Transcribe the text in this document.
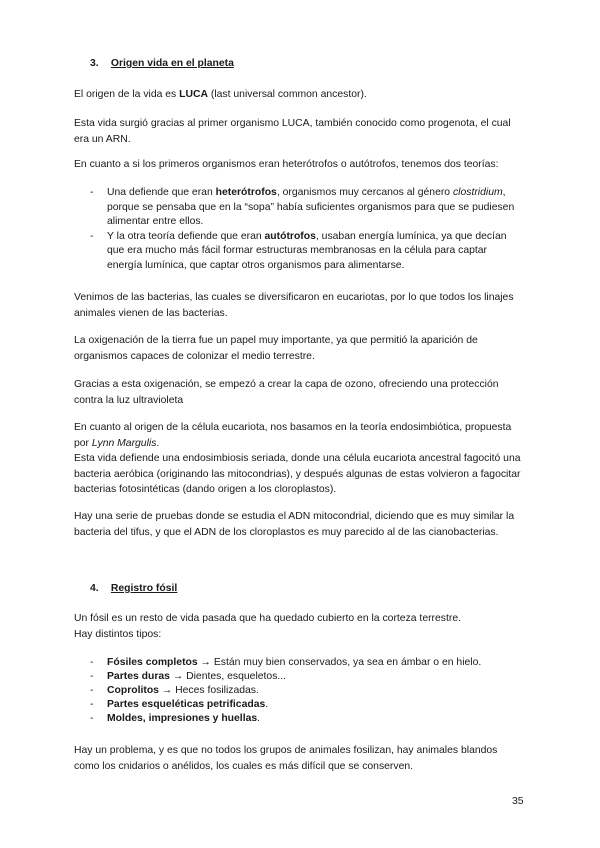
3. Origen vida en el planeta

El origen de la vida es LUCA (last universal common ancestor).

Esta vida surgió gracias al primer organismo LUCA, también conocido como progenota, el cual era un ARN.

En cuanto a si los primeros organismos eran heterótrofos o autótrofos, tenemos dos teorías:

- Una defiende que eran heterótrofos, organismos muy cercanos al género clostridium, porque se pensaba que en la “sopa” había suficientes organismos para que se pudiesen alimentar entre ellos.
- Y la otra teoría defiende que eran autótrofos, usaban energía lumínica, ya que decían que era mucho más fácil formar estructuras membranosas en la célula para captar energía lumínica, que captar otros organismos para alimentarse.

Venimos de las bacterias, las cuales se diversificaron en eucariotas, por lo que todos los linajes animales vienen de las bacterias.

La oxigenación de la tierra fue un papel muy importante, ya que permitió la aparición de organismos capaces de colonizar el medio terrestre.

Gracias a esta oxigenación, se empezó a crear la capa de ozono, ofreciendo una protección contra la luz ultravioleta

En cuanto al origen de la célula eucariota, nos basamos en la teoría endosimbiótica, propuesta por Lynn Margulis.
Esta vida defiende una endosimbiosis seriada, donde una célula eucariota ancestral fagocitó una bacteria aeróbica (originando las mitocondrias), y después algunas de estas volvieron a fagocitar bacterias fotosintéticas (dando origen a los cloroplastos).

Hay una serie de pruebas donde se estudia el ADN mitocondrial, diciendo que es muy similar la bacteria del tifus, y que el ADN de los cloroplastos es muy parecido al de las cianobacterias.

4. Registro fósil

Un fósil es un resto de vida pasada que ha quedado cubierto en la corteza terrestre.
Hay distintos tipos:

- Fósiles completos → Están muy bien conservados, ya sea en ámbar o en hielo.
- Partes duras → Dientes, esqueletos...
- Coprolitos → Heces fosilizadas.
- Partes esqueléticas petrificadas.
- Moldes, impresiones y huellas.

Hay un problema, y es que no todos los grupos de animales fosilizan, hay animales blandos como los cnidarios o anélidos, los cuales es más difícil que se conserven.

35
